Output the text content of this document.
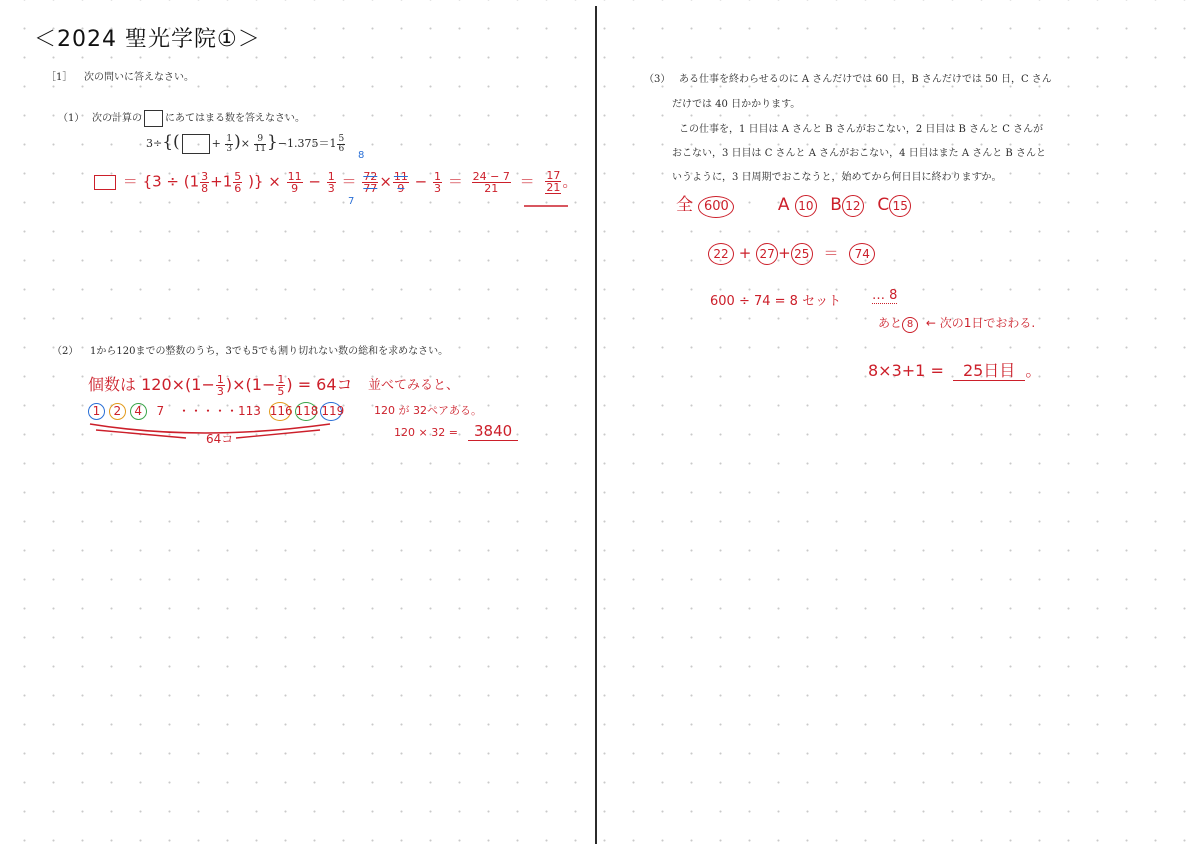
＜2024 聖光学院①＞
［1］ 次の問いに答えなさい。
（1） 次の計算の にあてはまる数を答えなさい。
3÷{(	+ $\frac{1}{3}$ )× $\frac{9}{11} \}-1.375=1 \frac{5}{6}$
＝ {$3 \div (1 \frac{3}{8} +1 \frac{5}{6}$ )} × $\frac{11}{9} - \frac{1}{3} = \frac{72}{77} \times \frac{11}{9} - \frac{1}{3} = \frac{24 - 7}{21} = \frac{17}{21}$ 。
8
7
（2） 1から120までの整数のうち，3でも5でも割り切れない数の総和を求めなさい。
個数は $120\times(1- \frac{1}{3} )\times(1- \frac{1}{5}$ ) = 64コ
1 2 4 7 ・・・・・113 116 118 119
64コ
並べてみると、
120 が 32ペアある。
120 × 32 =	3840
（3） ある仕事を終わらせるのに A さんだけでは 60 日，B さんだけでは 50 日，C さん
だけでは 40 日かかります。
この仕事を，1 日目は A さんと B さんがおこない，2 日目は B さんと C さんが
おこない，3 日目は C さんと A さんがおこない，4 日目はまた A さんと B さんと
いうように，3 日周期でおこなうと，始めてから何日目に終わりますか。
全 600	A 10 B 12 C 15
22 + 27 + 25 ＝ 74
600 ÷ 74 = 8 セット … 8
あと 8 ← 次の1日でおわる.
8×3+1 = 25日目 。
